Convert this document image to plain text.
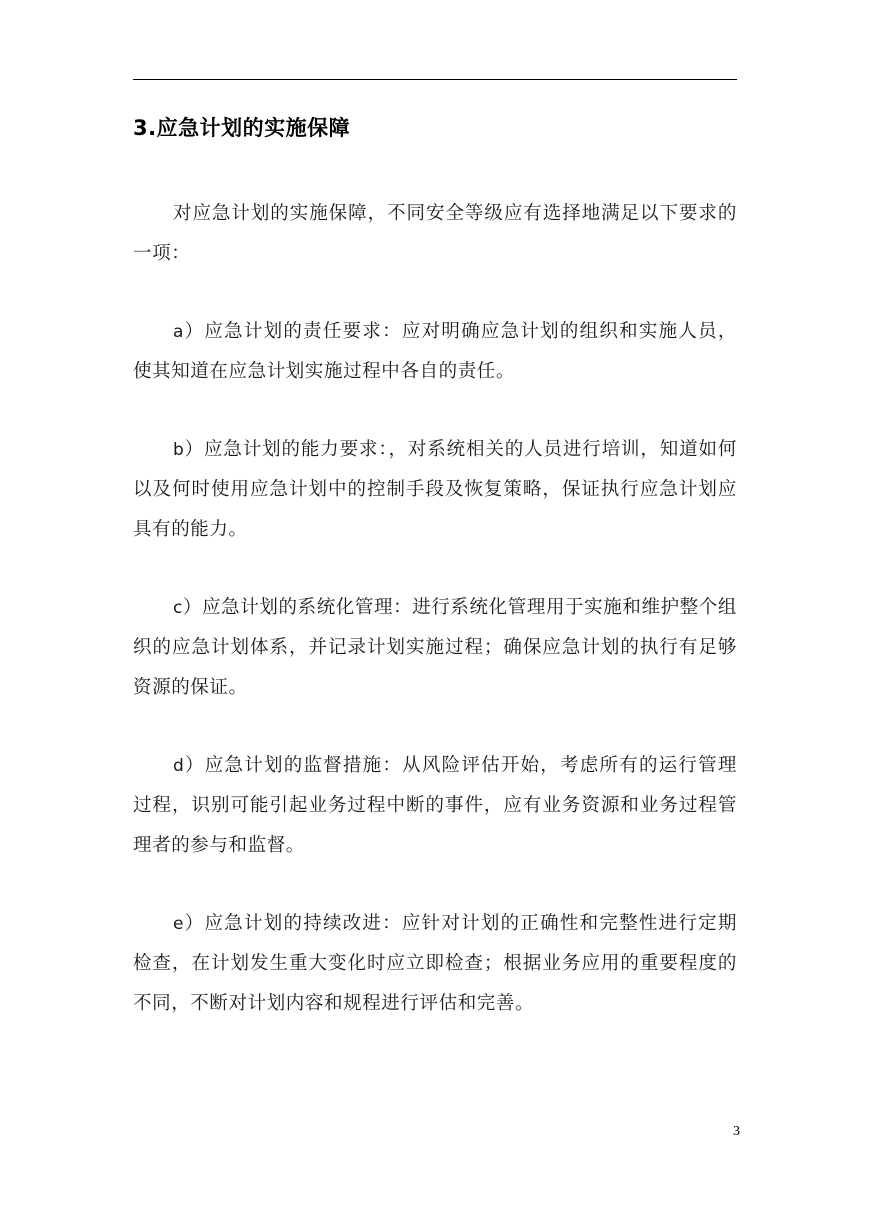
3.应急计划的实施保障

对应急计划的实施保障，不同安全等级应有选择地满足以下要求的一项：

a）应急计划的责任要求：应对明确应急计划的组织和实施人员，使其知道在应急计划实施过程中各自的责任。

b）应急计划的能力要求：，对系统相关的人员进行培训，知道如何以及何时使用应急计划中的控制手段及恢复策略，保证执行应急计划应具有的能力。

c）应急计划的系统化管理：进行系统化管理用于实施和维护整个组织的应急计划体系，并记录计划实施过程；确保应急计划的执行有足够资源的保证。

d）应急计划的监督措施：从风险评估开始，考虑所有的运行管理过程，识别可能引起业务过程中断的事件，应有业务资源和业务过程管理者的参与和监督。

e）应急计划的持续改进：应针对计划的正确性和完整性进行定期检查，在计划发生重大变化时应立即检查；根据业务应用的重要程度的不同，不断对计划内容和规程进行评估和完善。

3
